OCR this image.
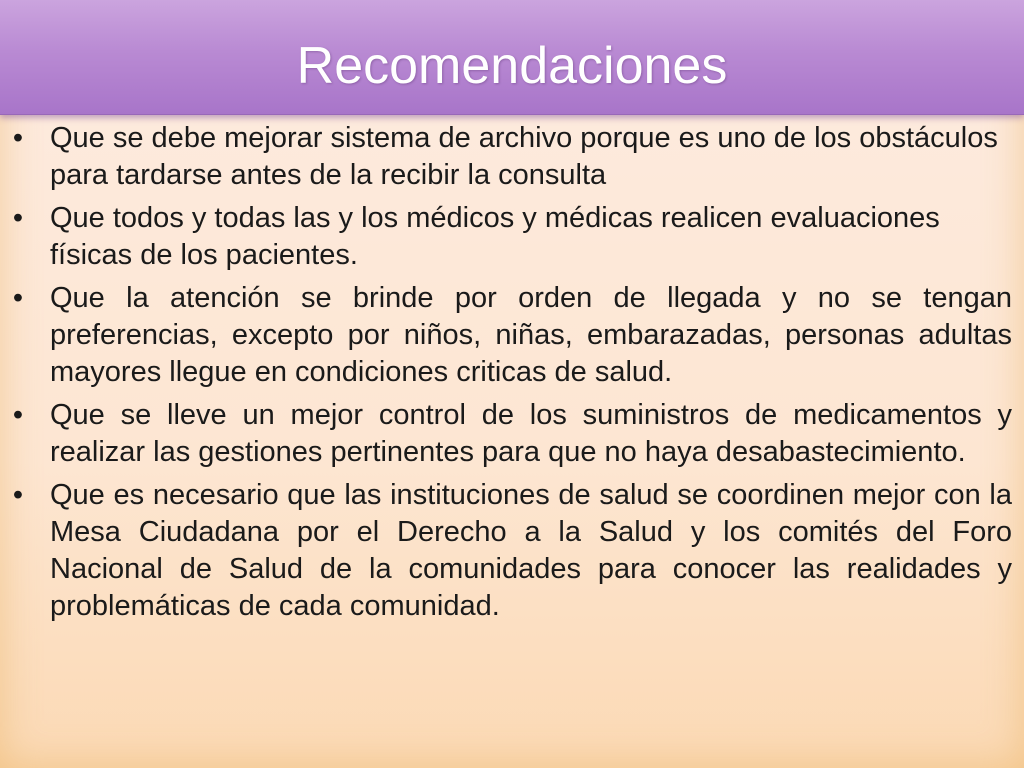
Recomendaciones
• Que se debe mejorar sistema de archivo porque es uno de los obstáculos para tardarse antes de la recibir la consulta
• Que todos y todas las y los médicos y médicas realicen evaluaciones físicas de los pacientes.
• Que la atención se brinde por orden de llegada y no se tengan preferencias, excepto por niños, niñas, embarazadas, personas adultas mayores llegue en condiciones criticas de salud.
• Que se lleve un mejor control de los suministros de medicamentos y realizar las gestiones pertinentes para que no haya desabastecimiento.
• Que es necesario que las instituciones de salud se coordinen mejor con la Mesa Ciudadana por el Derecho a la Salud y los comités del Foro Nacional de Salud de la comunidades para conocer las realidades y problemáticas de cada comunidad.
